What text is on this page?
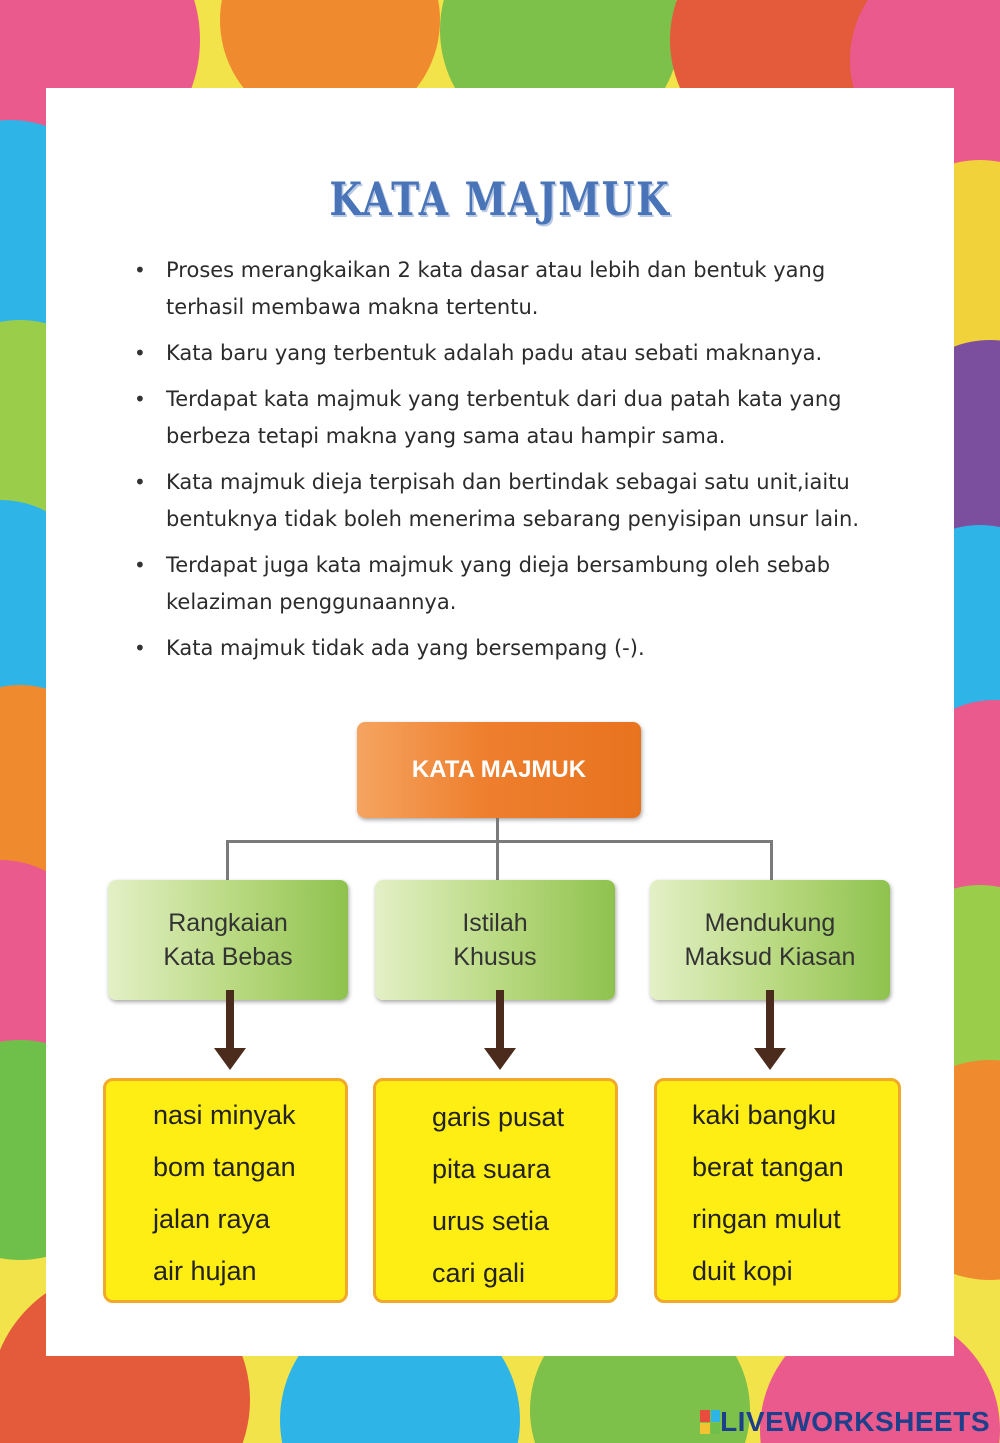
KATA MAJMUK
• Proses merangkaikan 2 kata dasar atau lebih dan bentuk yang terhasil membawa makna tertentu.
• Kata baru yang terbentuk adalah padu atau sebati maknanya.
• Terdapat kata majmuk yang terbentuk dari dua patah kata yang berbeza tetapi makna yang sama atau hampir sama.
• Kata majmuk dieja terpisah dan bertindak sebagai satu unit,iaitu bentuknya tidak boleh menerima sebarang penyisipan unsur lain.
• Terdapat juga kata majmuk yang dieja bersambung oleh sebab kelaziman penggunaannya.
• Kata majmuk tidak ada yang bersempang (-).
KATA MAJMUK
Rangkaian
Kata Bebas
Istilah
Khusus
Mendukung
Maksud Kiasan
nasi minyak
bom tangan
jalan raya
air hujan
garis pusat
pita suara
urus setia
cari gali
kaki bangku
berat tangan
ringan mulut
duit kopi
LIVEWORKSHEETS
